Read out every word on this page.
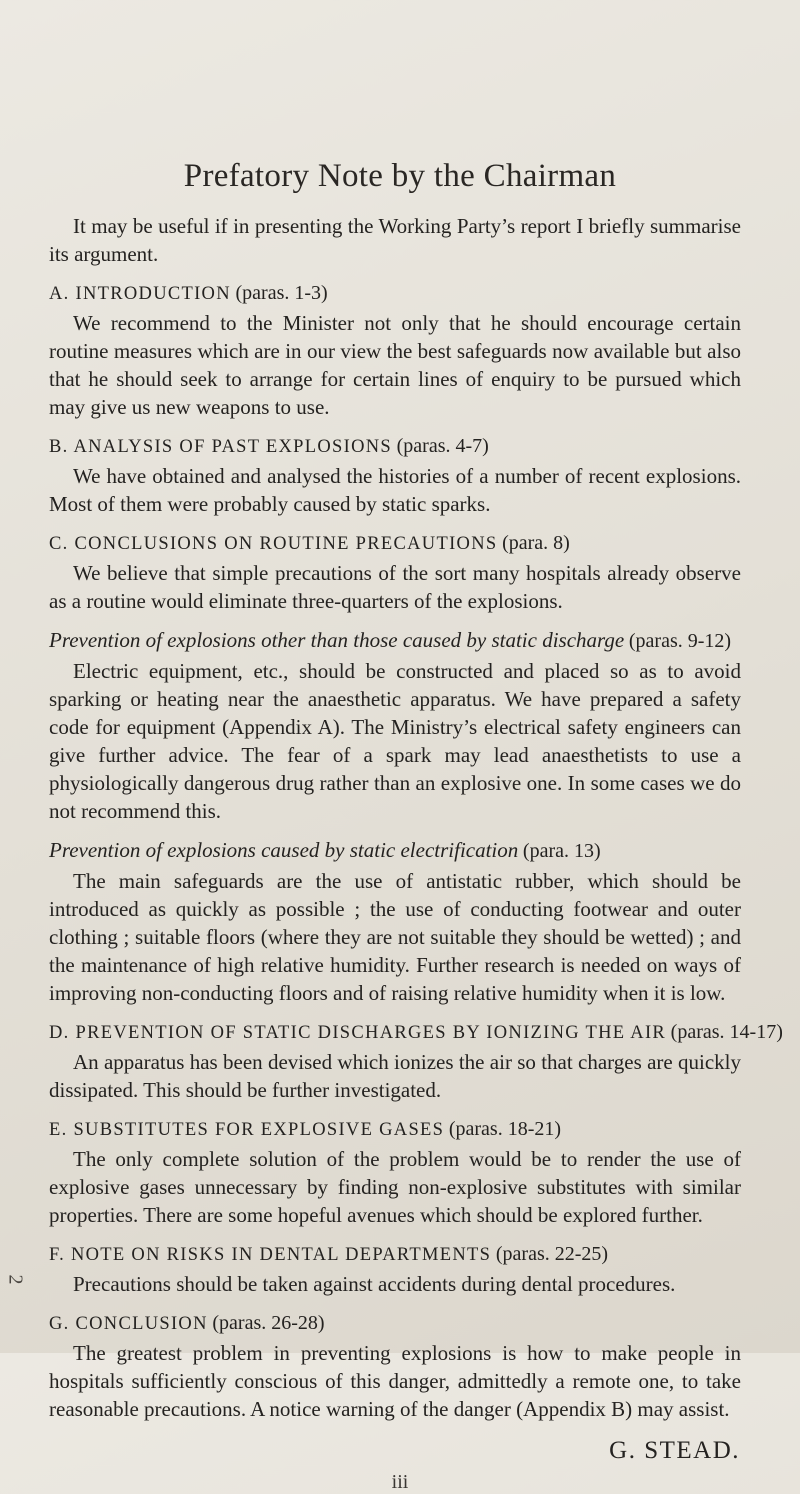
Prefatory Note by the Chairman
It may be useful if in presenting the Working Party’s report I briefly summarise its argument.
A. INTRODUCTION (paras. 1-3)
We recommend to the Minister not only that he should encourage certain routine measures which are in our view the best safeguards now available but also that he should seek to arrange for certain lines of enquiry to be pursued which may give us new weapons to use.
B. ANALYSIS OF PAST EXPLOSIONS (paras. 4-7)
We have obtained and analysed the histories of a number of recent explosions. Most of them were probably caused by static sparks.
C. CONCLUSIONS ON ROUTINE PRECAUTIONS (para. 8)
We believe that simple precautions of the sort many hospitals already observe as a routine would eliminate three-quarters of the explosions.
Prevention of explosions other than those caused by static discharge (paras. 9-12)
Electric equipment, etc., should be constructed and placed so as to avoid sparking or heating near the anaesthetic apparatus. We have prepared a safety code for equipment (Appendix A). The Ministry’s electrical safety engineers can give further advice. The fear of a spark may lead anaesthetists to use a physiologically dangerous drug rather than an explosive one. In some cases we do not recommend this.
Prevention of explosions caused by static electrification (para. 13)
The main safeguards are the use of antistatic rubber, which should be introduced as quickly as possible ; the use of conducting footwear and outer clothing ; suitable floors (where they are not suitable they should be wetted) ; and the maintenance of high relative humidity. Further research is needed on ways of improving non-conducting floors and of raising relative humidity when it is low.
D. PREVENTION OF STATIC DISCHARGES BY IONIZING THE AIR (paras. 14-17)
An apparatus has been devised which ionizes the air so that charges are quickly dissipated. This should be further investigated.
E. SUBSTITUTES FOR EXPLOSIVE GASES (paras. 18-21)
The only complete solution of the problem would be to render the use of explosive gases unnecessary by finding non-explosive substitutes with similar properties. There are some hopeful avenues which should be explored further.
F. NOTE ON RISKS IN DENTAL DEPARTMENTS (paras. 22-25)
Precautions should be taken against accidents during dental procedures.
G. CONCLUSION (paras. 26-28)
The greatest problem in preventing explosions is how to make people in hospitals sufficiently conscious of this danger, admittedly a remote one, to take reasonable precautions. A notice warning of the danger (Appendix B) may assist.
G. STEAD.
iii
2
